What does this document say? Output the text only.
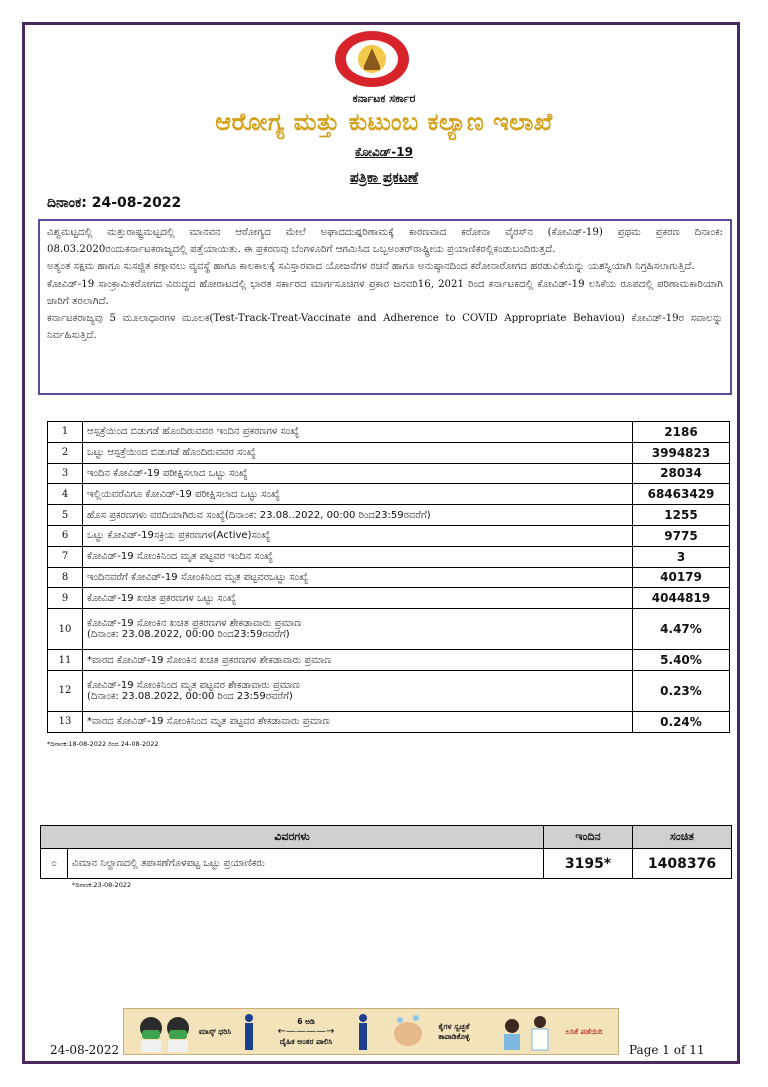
ಕರ್ನಾಟಕ ಸರ್ಕಾರ
ಆರೋಗ್ಯ ಮತ್ತು ಕುಟುಂಬ ಕಲ್ಯಾಣ ಇಲಾಖೆ
ಕೋವಿಡ್-19
ಪತ್ರಿಕಾ ಪ್ರಕಟಣೆ
ದಿನಾಂಕ: 24-08-2022

ವಿಶ್ವಮಟ್ಟದಲ್ಲಿ ಮತ್ತುರಾಷ್ಟ್ರಮಟ್ಟದಲ್ಲಿ ಮಾನವನ ಆರೋಗ್ಯದ ಮೇಲೆ ಅಘಾದದುಷ್ಪರಿಣಾಮಕ್ಕೆ ಕಾರಣವಾದ ಕರೋನಾ ವೈರಸ್‌ನ (ಕೋವಿಡ್-19) ಪ್ರಥಮ ಪ್ರಕರಣ ದಿನಾಂಕ: 08.03.2020ರಂದುಕರ್ನಾಟಕರಾಜ್ಯದಲ್ಲಿ ಪತ್ತೆಯಾಯಿತು. ಈ ಪ್ರಕರಣವು ಬೆಂಗಳೂರಿಗೆ ಆಗಮಿಸಿದ ಒಬ್ಬಅಂತರ್‌ರಾಷ್ಟ್ರೀಯ ಪ್ರಯಾಣಿಕರಲ್ಲಿಕಂಡುಬಂದಿರುತ್ತದೆ.

ಅತ್ಯಂತ ಸಕ್ಷಮ ಹಾಗೂ ಸುಸಜ್ಜಿತ ಕಣ್ಗಾವಲು ವ್ಯವಸ್ಥೆ ಹಾಗೂ ಕಾಲಕಾಲಕ್ಕೆ ಸವಿಸ್ತಾರವಾದ ಯೋಜನೆಗಳ ರಚನೆ ಹಾಗೂ ಅನುಷ್ಠಾನದಿಂದ ಕರೋನಾರೋಗದ ಹರಡುವಿಕೆಯನ್ನು ಯಶಸ್ವಿಯಾಗಿ ನಿಗ್ರಹಿಸಲಾಗುತ್ತಿದೆ.

ಕೋವಿಡ್-19 ಸಾಂಕ್ರಾಮಿಕರೋಗದ ವಿರುದ್ಧದ ಹೋರಾಟದಲ್ಲಿ ಭಾರತ ಸರ್ಕಾರದ ಮಾರ್ಗಸೂಚಿಗಳ ಪ್ರಕಾರ ಜನವರಿ16, 2021 ರಿಂದ ಕರ್ನಾಟಕದಲ್ಲಿ ಕೋವಿಡ್-19 ಲಸಿಕೆಯ ರೂಪದಲ್ಲಿ ಪರಿಣಾಮಕಾರಿಯಾಗಿ ಜಾರಿಗೆ ತರಲಾಗಿದೆ.

ಕರ್ನಾಟಕರಾಜ್ಯವು 5 ಮೂಲಾಧಾರಗಳ ಮೂಲಕ(Test-Track-Treat-Vaccinate and Adherence to COVID Appropriate Behaviou) ಕೋವಿಡ್-19ರ ಸವಾಲನ್ನು ನಿರ್ವಹಿಸುತ್ತಿದೆ.

1	ಆಸ್ಪತ್ರೆಯಿಂದ ಬಿಡುಗಡೆ ಹೊಂದಿರುವವರ ಇಂದಿನ ಪ್ರಕರಣಗಳ ಸಂಖ್ಯೆ	2186
2	ಒಟ್ಟು ಆಸ್ಪತ್ರೆಯಿಂದ ಬಿಡುಗಡೆ ಹೊಂದಿರುವವರ ಸಂಖ್ಯೆ	3994823
3	ಇಂದಿನ ಕೋವಿಡ್-19 ಪರೀಕ್ಷಿಸಲಾದ ಒಟ್ಟು ಸಂಖ್ಯೆ	28034
4	ಇಲ್ಲಿಯವರೆವಿಗೂ ಕೋವಿಡ್-19 ಪರೀಕ್ಷಿಸಲಾದ ಒಟ್ಟು ಸಂಖ್ಯೆ	68463429
5	ಹೊಸ ಪ್ರಕರಣಗಳು ವರದಿಯಾಗಿರುವ ಸಂಖ್ಯೆ(ದಿನಾಂಕ: 23.08..2022, 00:00 ರಿಂದ23:59ರವರೆಗೆ)	1255
6	ಒಟ್ಟು ಕೋವಿಡ್-19ಸಕ್ರಿಯ ಪ್ರಕರಣಗಳ(Active)ಸಂಖ್ಯೆ	9775
7	ಕೋವಿಡ್-19 ಸೋಂಕಿನಿಂದ ಮೃತ ಪಟ್ಟವರ ಇಂದಿನ ಸಂಖ್ಯೆ	3
8	ಇಂದಿನವರೆಗೆ ಕೋವಿಡ್-19 ಸೋಂಕಿನಿಂದ ಮೃತ ಪಟ್ಟವರಒಟ್ಟು ಸಂಖ್ಯೆ	40179
9	ಕೋವಿಡ್-19 ಖಚಿತ ಪ್ರಕರಣಗಳ ಒಟ್ಟು ಸಂಖ್ಯೆ	4044819
10	ಕೋವಿಡ್-19 ಸೋಂಕಿನ ಖಚಿತ ಪ್ರಕರಣಗಳ ಶೇಕಡಾವಾರು ಪ್ರಮಾಣ
(ದಿನಾಂಕ: 23.08.2022, 00:00 ರಿಂದ23:59ರವರೆಗೆ)	4.47%
11	*ವಾರದ ಕೋವಿಡ್-19 ಸೋಂಕಿನ ಖಚಿತ ಪ್ರಕರಣಗಳ ಶೇಕಡಾವಾರು ಪ್ರಮಾಣ	5.40%
12	ಕೋವಿಡ್-19 ಸೋಂಕಿನಿಂದ ಮೃತ ಪಟ್ಟವರ ಶೇಕಡಾವಾರು ಪ್ರಮಾಣ
(ದಿನಾಂಕ: 23.08.2022, 00:00 ರಿಂದ 23:59ರವರೆಗೆ)	0.23%
13	*ವಾರದ ಕೋವಿಡ್-19 ಸೋಂಕಿನಿಂದ ಮೃತ ಪಟ್ಟವರ ಶೇಕಡಾವಾರು ಪ್ರಮಾಣ	0.24%
*ದಿನಾಂಕ:18-08-2022 ರಿಂದ 24-08-2022
ವಿವರಗಳು		ಇಂದಿನ	ಸಂಚಿತ
೦	ವಿಮಾನ ನಿಲ್ದಾಣದಲ್ಲಿ ತಪಾಸಣೆಗೊಳಪಟ್ಟ ಒಟ್ಟು ಪ್ರಯಾಣಿಕರು	3195*	1408376
*ದಿನಾಂಕ:23-08-2022
ಮಾಸ್ಕ್ ಧರಿಸಿ
6 ಅಡಿ
←————→
ದೈಹಿಕ ಅಂತರ ಪಾಲಿಸಿ
ಕೈಗಳ ಸ್ವಚ್ಛತೆ ಕಾಪಾಡಿಕೊಳ್ಳಿ
ಲಸಿಕೆ ಪಡೆಯಿರಿ
24-08-2022	Page 1 of 11
